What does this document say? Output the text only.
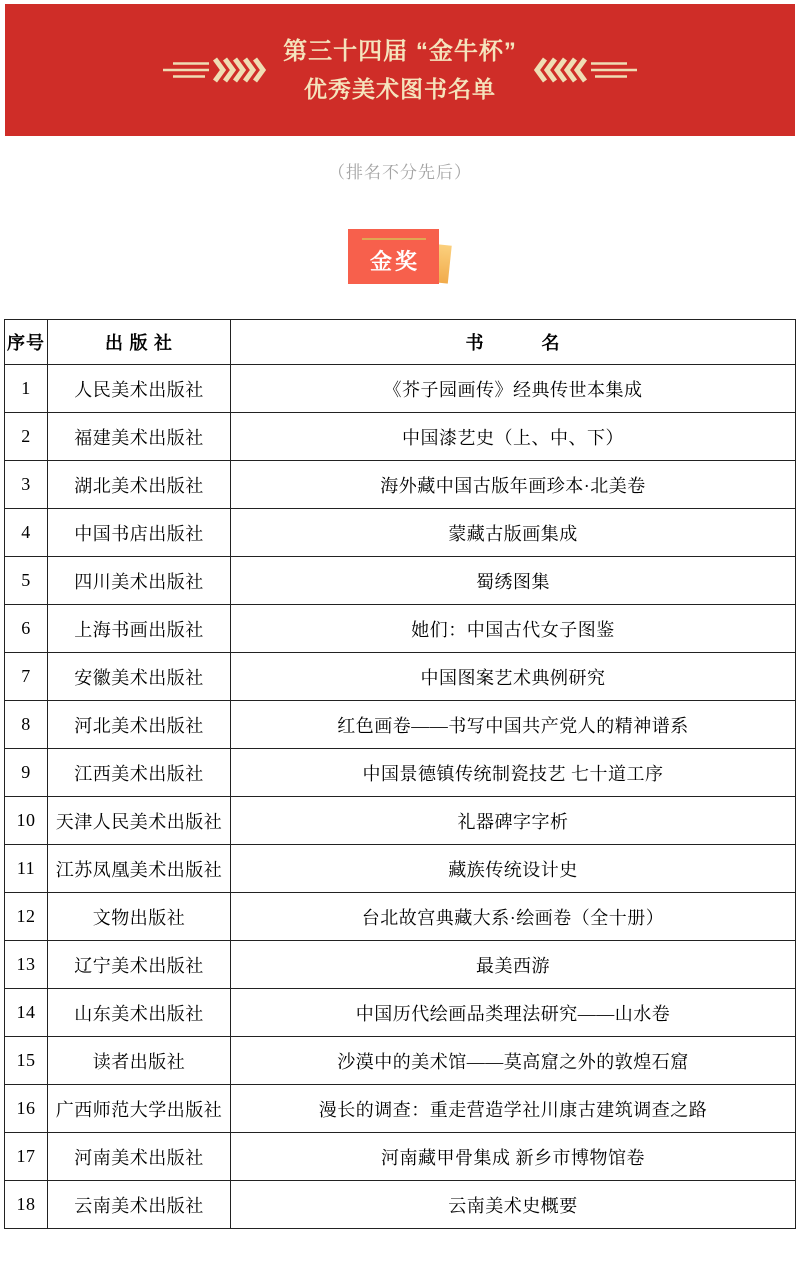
第三十四届 “金牛杯”
优秀美术图书名单
（排名不分先后）
金奖
序号	出 版 社	书　　　名
1	人民美术出版社	《芥子园画传》经典传世本集成
2	福建美术出版社	中国漆艺史（上、中、下）
3	湖北美术出版社	海外藏中国古版年画珍本·北美卷
4	中国书店出版社	蒙藏古版画集成
5	四川美术出版社	蜀绣图集
6	上海书画出版社	她们：中国古代女子图鉴
7	安徽美术出版社	中国图案艺术典例研究
8	河北美术出版社	红色画卷——书写中国共产党人的精神谱系
9	江西美术出版社	中国景德镇传统制瓷技艺 七十道工序
10	天津人民美术出版社	礼器碑字字析
11	江苏凤凰美术出版社	藏族传统设计史
12	文物出版社	台北故宫典藏大系·绘画卷（全十册）
13	辽宁美术出版社	最美西游
14	山东美术出版社	中国历代绘画品类理法研究——山水卷
15	读者出版社	沙漠中的美术馆——莫高窟之外的敦煌石窟
16	广西师范大学出版社	漫长的调查：重走营造学社川康古建筑调查之路
17	河南美术出版社	河南藏甲骨集成 新乡市博物馆卷
18	云南美术出版社	云南美术史概要
